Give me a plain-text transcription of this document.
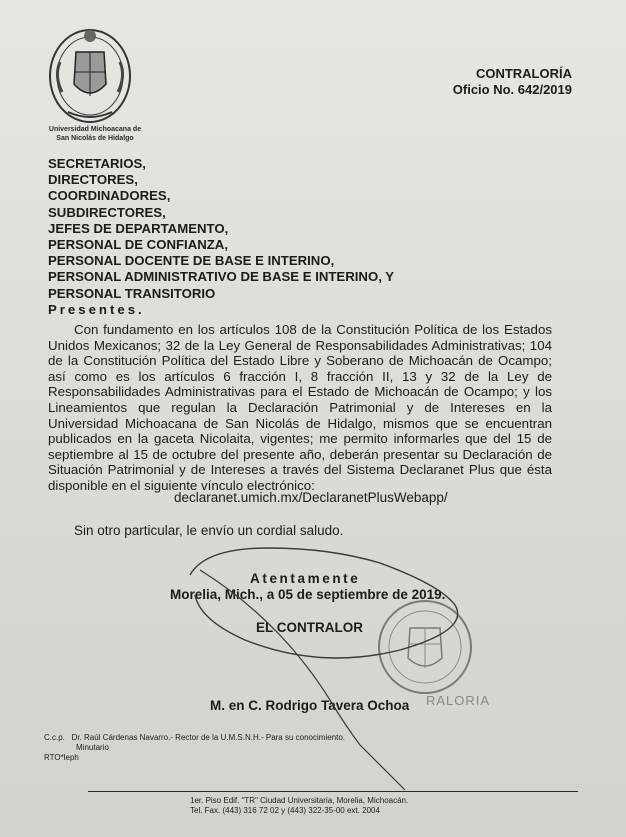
Universidad Michoacana de
San Nicolás de Hidalgo
CONTRALORÍA
Oficio No. 642/2019
SECRETARIOS,
DIRECTORES,
COORDINADORES,
SUBDIRECTORES,
JEFES DE DEPARTAMENTO,
PERSONAL DE CONFIANZA,
PERSONAL DOCENTE DE BASE E INTERINO,
PERSONAL ADMINISTRATIVO DE BASE E INTERINO, Y
PERSONAL TRANSITORIO
Presentes.

Con fundamento en los artículos 108 de la Constitución Política de los Estados Unidos Mexicanos; 32 de la Ley General de Responsabilidades Administrativas; 104 de la Constitución Política del Estado Libre y Soberano de Michoacán de Ocampo; así como es los artículos 6 fracción I, 8 fracción II, 13 y 32 de la Ley de Responsabilidades Administrativas para el Estado de Michoacán de Ocampo; y los Lineamientos que regulan la Declaración Patrimonial y de Intereses en la Universidad Michoacana de San Nicolás de Hidalgo, mismos que se encuentran publicados en la gaceta Nicolaita, vigentes; me permito informarles que del 15 de septiembre al 15 de octubre del presente año, deberán presentar su Declaración de Situación Patrimonial y de Intereses a través del Sistema Declaranet Plus que ésta disponible en el siguiente vínculo electrónico:

declaranet.umich.mx/DeclaranetPlusWebapp/
Sin otro particular, le envío un cordial saludo.
Atentamente
Morelia, Mich., a 05 de septiembre de 2019.
EL CONTRALOR
M. en C. Rodrigo Tavera Ochoa RALORIA
C.c.p. Dr. Raúl Cárdenas Navarro.- Rector de la U.M.S.N.H.- Para su conocimiento.
Minutario
RTO*leph
1er. Piso Edif. "TR" Ciudad Universitaria, Morelia, Michoacán.
Tel. Fax. (443) 316 72 02 y (443) 322-35-00 ext. 2004
